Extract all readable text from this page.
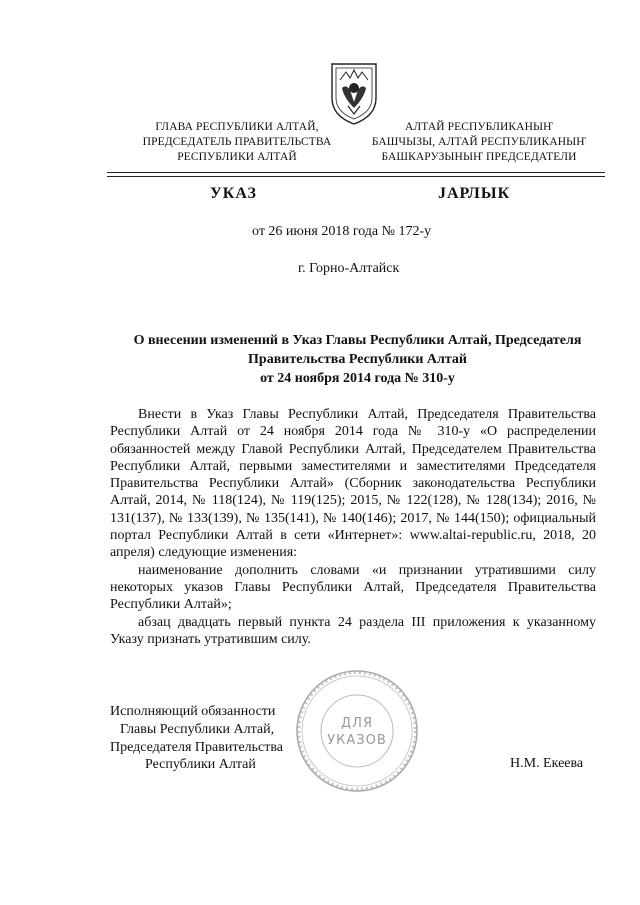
ГЛАВА РЕСПУБЛИКИ АЛТАЙ,
ПРЕДСЕДАТЕЛЬ ПРАВИТЕЛЬСТВА
РЕСПУБЛИКИ АЛТАЙ
АЛТАЙ РЕСПУБЛИКАНЫҤ
БАШЧЫЗЫ, АЛТАЙ РЕСПУБЛИКАНЫҤ
БАШКАРУЗЫНЫҤ ПРЕДСЕДАТЕЛИ
УКАЗ	JАРЛЫК
от 26 июня 2018 года № 172-у
г. Горно-Алтайск
О внесении изменений в Указ Главы Республики Алтай, Председателя
Правительства Республики Алтай
от 24 ноября 2014 года № 310-у

Внести в Указ Главы Республики Алтай, Председателя Правительства Республики Алтай от 24 ноября 2014 года № 310-у «О распределении обязанностей между Главой Республики Алтай, Председателем Правительства Республики Алтай, первыми заместителями и заместителями Председателя Правительства Республики Алтай» (Сборник законодательства Республики Алтай, 2014, № 118(124), № 119(125); 2015, № 122(128), № 128(134); 2016, № 131(137), № 133(139), № 135(141), № 140(146); 2017, № 144(150); официальный портал Республики Алтай в сети «Интернет»: www.altai-republic.ru, 2018, 20 апреля) следующие изменения:

наименование дополнить словами «и признании утратившими силу некоторых указов Главы Республики Алтай, Председателя Правительства Республики Алтай»;

абзац двадцать первый пункта 24 раздела III приложения к указанному Указу признать утратившим силу.

ДЛЯ
УКАЗОВ
Исполняющий обязанности
Главы Республики Алтай,
Председателя Правительства
Республики Алтай	Н.М. Екеева
